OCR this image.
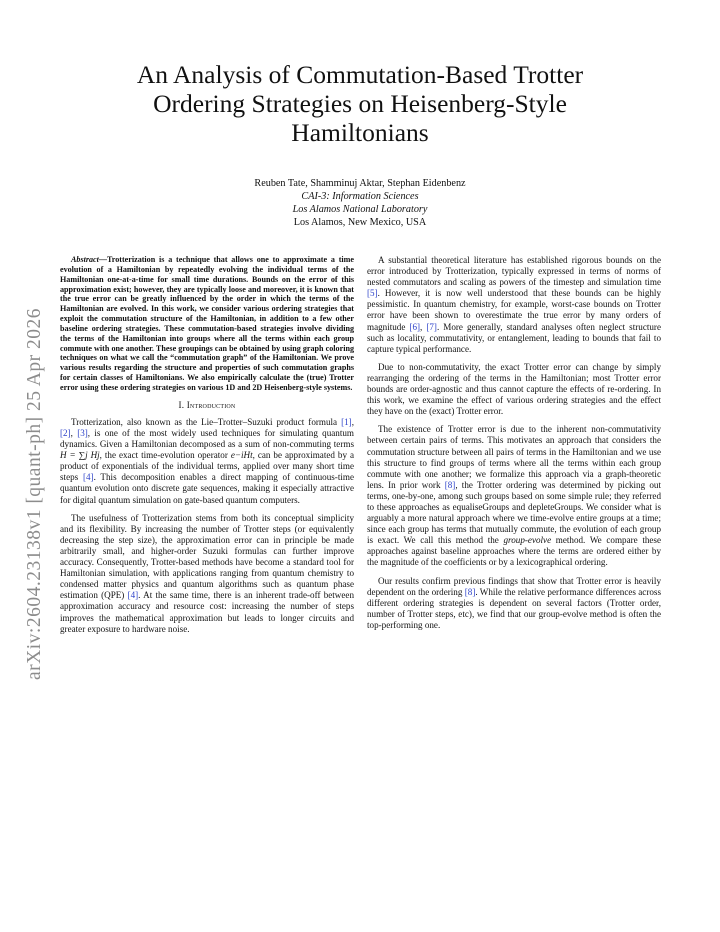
arXiv:2604.23138v1 [quant-ph] 25 Apr 2026
An Analysis of Commutation-Based Trotter Ordering Strategies on Heisenberg-Style Hamiltonians
Reuben Tate, Shamminuj Aktar, Stephan Eidenbenz
CAI-3: Information Sciences
Los Alamos National Laboratory
Los Alamos, New Mexico, USA

Abstract—Trotterization is a technique that allows one to approximate a time evolution of a Hamiltonian by repeatedly evolving the individual terms of the Hamiltonian one-at-a-time for small time durations. Bounds on the error of this approximation exist; however, they are typically loose and moreover, it is known that the true error can be greatly influenced by the order in which the terms of the Hamiltonian are evolved. In this work, we consider various ordering strategies that exploit the commutation structure of the Hamiltonian, in addition to a few other baseline ordering strategies. These commutation-based strategies involve dividing the terms of the Hamiltonian into groups where all the terms within each group commute with one another. These groupings can be obtained by using graph coloring techniques on what we call the “commutation graph” of the Hamiltonian. We prove various results regarding the structure and properties of such commutation graphs for certain classes of Hamiltonians. We also empirically calculate the (true) Trotter error using these ordering strategies on various 1D and 2D Heisenberg-style systems.

I. Introduction

Trotterization, also known as the Lie–Trotter–Suzuki product formula [1], [2], [3], is one of the most widely used techniques for simulating quantum dynamics. Given a Hamiltonian decomposed as a sum of non-commuting terms H = ∑j Hj, the exact time-evolution operator e−iHt, can be approximated by a product of exponentials of the individual terms, applied over many short time steps [4]. This decomposition enables a direct mapping of continuous-time quantum evolution onto discrete gate sequences, making it especially attractive for digital quantum simulation on gate-based quantum computers.

The usefulness of Trotterization stems from both its conceptual simplicity and its flexibility. By increasing the number of Trotter steps (or equivalently decreasing the step size), the approximation error can in principle be made arbitrarily small, and higher-order Suzuki formulas can further improve accuracy. Consequently, Trotter-based methods have become a standard tool for Hamiltonian simulation, with applications ranging from quantum chemistry to condensed matter physics and quantum algorithms such as quantum phase estimation (QPE) [4]. At the same time, there is an inherent trade-off between approximation accuracy and resource cost: increasing the number of steps improves the mathematical approximation but leads to longer circuits and greater exposure to hardware noise.

A substantial theoretical literature has established rigorous bounds on the error introduced by Trotterization, typically expressed in terms of norms of nested commutators and scaling as powers of the timestep and simulation time [5]. However, it is now well understood that these bounds can be highly pessimistic. In quantum chemistry, for example, worst-case bounds on Trotter error have been shown to overestimate the true error by many orders of magnitude [6], [7]. More generally, standard analyses often neglect structure such as locality, commutativity, or entanglement, leading to bounds that fail to capture typical performance.

Due to non-commutativity, the exact Trotter error can change by simply rearranging the ordering of the terms in the Hamiltonian; most Trotter error bounds are order-agnostic and thus cannot capture the effects of re-ordering. In this work, we examine the effect of various ordering strategies and the effect they have on the (exact) Trotter error.

The existence of Trotter error is due to the inherent non-commutativity between certain pairs of terms. This motivates an approach that considers the commutation structure between all pairs of terms in the Hamiltonian and we use this structure to find groups of terms where all the terms within each group commute with one another; we formalize this approach via a graph-theoretic lens. In prior work [8], the Trotter ordering was determined by picking out terms, one-by-one, among such groups based on some simple rule; they referred to these approaches as equaliseGroups and depleteGroups. We consider what is arguably a more natural approach where we time-evolve entire groups at a time; since each group has terms that mutually commute, the evolution of each group is exact. We call this method the group-evolve method. We compare these approaches against baseline approaches where the terms are ordered either by the magnitude of the coefficients or by a lexicographical ordering.

Our results confirm previous findings that show that Trotter error is heavily dependent on the ordering [8]. While the relative performance differences across different ordering strategies is dependent on several factors (Trotter order, number of Trotter steps, etc), we find that our group-evolve method is often the top-performing one.
